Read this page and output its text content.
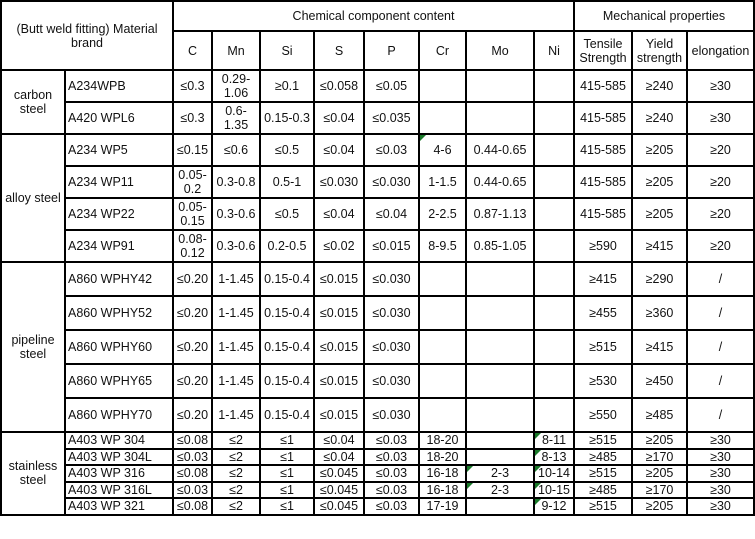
(Butt weld fitting) Material brand		Chemical component content								Mechanical properties		
		C	Mn	Si	S	P	Cr	Mo	Ni	Tensile Strength	Yield strength	elongation
carbon steel	A234WPB	≤0.3	0.29-1.06	≥0.1	≤0.058	≤0.05				415-585	≥240	≥30
	A420 WPL6	≤0.3	0.6-1.35	0.15-0.3	≤0.04	≤0.035				415-585	≥240	≥30
alloy steel	A234 WP5	≤0.15	≤0.6	≤0.5	≤0.04	≤0.03	4-6	0.44-0.65		415-585	≥205	≥20
	A234 WP11	0.05-0.2	0.3-0.8	0.5-1	≤0.030	≤0.030	1-1.5	0.44-0.65		415-585	≥205	≥20
	A234 WP22	0.05-0.15	0.3-0.6	≤0.5	≤0.04	≤0.04	2-2.5	0.87-1.13		415-585	≥205	≥20
	A234 WP91	0.08-0.12	0.3-0.6	0.2-0.5	≤0.02	≤0.015	8-9.5	0.85-1.05		≥590	≥415	≥20
pipeline steel	A860 WPHY42	≤0.20	1-1.45	0.15-0.4	≤0.015	≤0.030				≥415	≥290	/
	A860 WPHY52	≤0.20	1-1.45	0.15-0.4	≤0.015	≤0.030				≥455	≥360	/
	A860 WPHY60	≤0.20	1-1.45	0.15-0.4	≤0.015	≤0.030				≥515	≥415	/
	A860 WPHY65	≤0.20	1-1.45	0.15-0.4	≤0.015	≤0.030				≥530	≥450	/
	A860 WPHY70	≤0.20	1-1.45	0.15-0.4	≤0.015	≤0.030				≥550	≥485	/
stainless steel	A403 WP 304	≤0.08	≤2	≤1	≤0.04	≤0.03	18-20		8-11	≥515	≥205	≥30
	A403 WP 304L	≤0.03	≤2	≤1	≤0.04	≤0.03	18-20		8-13	≥485	≥170	≥30
	A403 WP 316	≤0.08	≤2	≤1	≤0.045	≤0.03	16-18	2-3	10-14	≥515	≥205	≥30
	A403 WP 316L	≤0.03	≤2	≤1	≤0.045	≤0.03	16-18	2-3	10-15	≥485	≥170	≥30
	A403 WP 321	≤0.08	≤2	≤1	≤0.045	≤0.03	17-19		9-12	≥515	≥205	≥30
